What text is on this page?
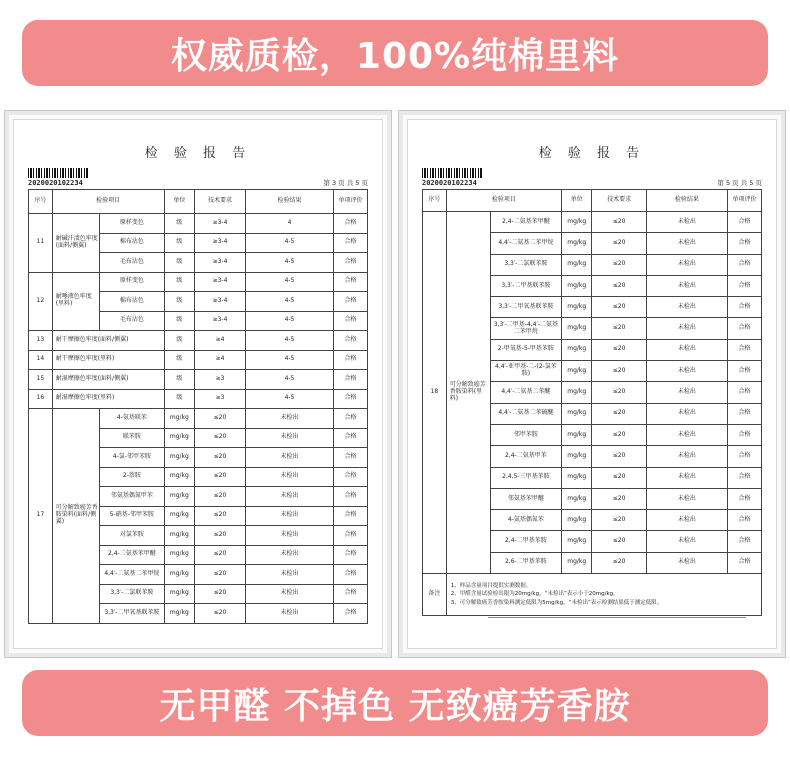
权威质检，100%纯棉里料
检 验 报 告
2020020102234	第 3 页 共 5 页
序号	检验项目		单位	技术要求	检验结果	单项评价
11	耐碱汗渍色牢度(面料/侧翼)	原样变色	级	≥3-4	4	合格
		棉布沾色	级	≥3-4	4-5	合格
		毛布沾色	级	≥3-4	4-5	合格
12	耐唾液色牢度(里料)	原样变色	级	≥3-4	4-5	合格
		棉布沾色	级	≥3-4	4-5	合格
		毛布沾色	级	≥3-4	4-5	合格
13	耐干摩擦色牢度(面料/侧翼)		级	≥4	4-5	合格
14	耐干摩擦色牢度(里料)		级	≥4	4-5	合格
15	耐湿摩擦色牢度(面料/侧翼)		级	≥3	4-5	合格
16	耐湿摩擦色牢度(里料)		级	≥3	4-5	合格
17	可分解致癌芳香胺染料(面料/侧翼)	4-氨基联苯	mg/kg	≤20	未检出	合格
		联苯胺	mg/kg	≤20	未检出	合格
		4-氯-邻甲苯胺	mg/kg	≤20	未检出	合格
		2-萘胺	mg/kg	≤20	未检出	合格
		邻氨基偶氮甲苯	mg/kg	≤20	未检出	合格
		5-硝基-邻甲苯胺	mg/kg	≤20	未检出	合格
		对氯苯胺	mg/kg	≤20	未检出	合格
		2,4-二氨基苯甲醚	mg/kg	≤20	未检出	合格
		4,4′-二氨基二苯甲烷	mg/kg	≤20	未检出	合格
		3,3′-二氯联苯胺	mg/kg	≤20	未检出	合格
		3,3′-二甲氧基联苯胺	mg/kg	≤20	未检出	合格
检 验 报 告
2020020102234	第 5 页 共 5 页
序号	检验项目		单位	技术要求	检验结果	单项评价
18	可分解致癌芳香胺染料(里料)	2,4-二氨基苯甲醚	mg/kg	≤20	未检出	合格
		4,4′-二氨基二苯甲烷	mg/kg	≤20	未检出	合格
		3,3′-二氯联苯胺	mg/kg	≤20	未检出	合格
		3,3′-二甲基联苯胺	mg/kg	≤20	未检出	合格
		3,3′-二甲氧基联苯胺	mg/kg	≤20	未检出	合格
		3,3′-二甲基-4,4′-二氨基二苯甲烷	mg/kg	≤20	未检出	合格
		2-甲氧基-5-甲基苯胺	mg/kg	≤20	未检出	合格
		4,4′-亚甲基-二-(2-氯苯胺)	mg/kg	≤20	未检出	合格
		4,4′-二氨基二苯醚	mg/kg	≤20	未检出	合格
		4,4′-二氨基二苯硫醚	mg/kg	≤20	未检出	合格
		邻甲苯胺	mg/kg	≤20	未检出	合格
		2,4-二氨基甲苯	mg/kg	≤20	未检出	合格
		2,4,5-三甲基苯胺	mg/kg	≤20	未检出	合格
		邻氨基苯甲醚	mg/kg	≤20	未检出	合格
		4-氨基偶氮苯	mg/kg	≤20	未检出	合格
		2,4-二甲基苯胺	mg/kg	≤20	未检出	合格
		2,6-二甲基苯胺	mg/kg	≤20	未检出	合格
备注	1、样品含量项目提供实测数据。
2、甲醛含量试验检出限为20mg/kg，“未检出”表示小于20mg/kg。
3、可分解致癌芳香胺染料测定低限为5mg/kg，“未检出”表示检测结果低于测定低限。					
无甲醛 不掉色 无致癌芳香胺
